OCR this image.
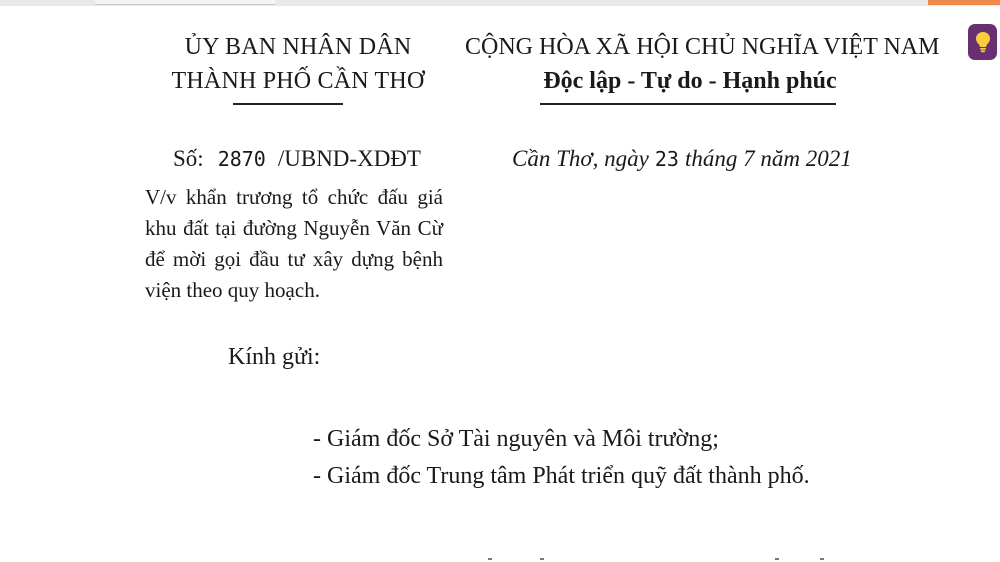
ỦY BAN NHÂN DÂN
THÀNH PHỐ CẦN THƠ
CỘNG HÒA XÃ HỘI CHỦ NGHĨA VIỆT NAM
Độc lập - Tự do - Hạnh phúc
Số: 2870 /UBND-XDĐT	Cần Thơ, ngày 23 tháng 7 năm 2021
V/v khẩn trương tổ chức đấu giá
khu đất tại đường Nguyễn Văn Cừ
để mời gọi đầu tư xây dựng bệnh
viện theo quy hoạch.
Kính gửi:
- Giám đốc Sở Tài nguyên và Môi trường;
- Giám đốc Trung tâm Phát triển quỹ đất thành phố.
